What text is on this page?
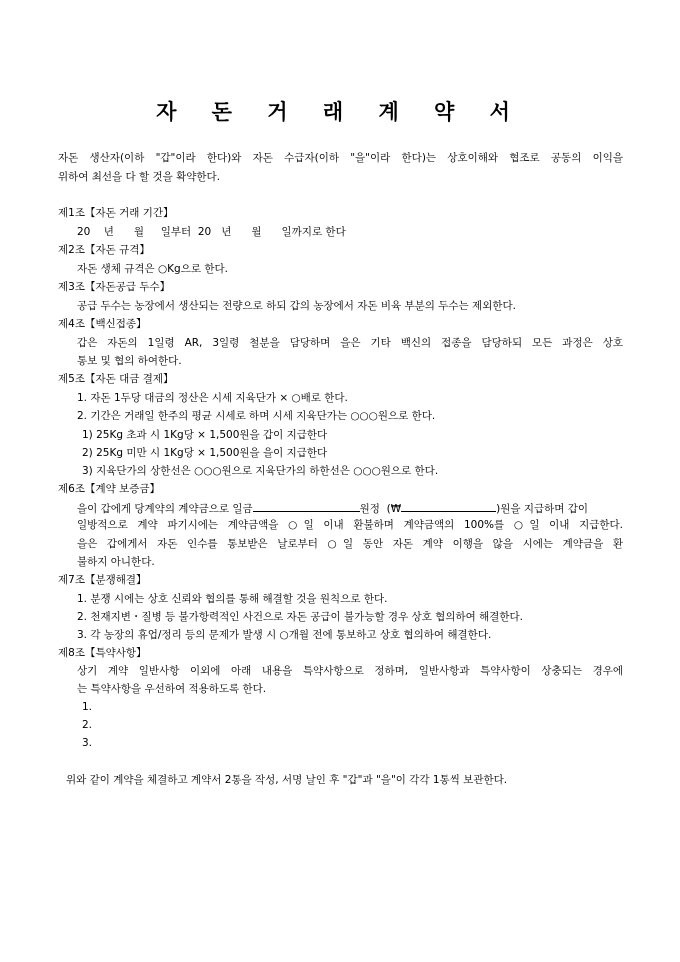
자 돈 거 래 계 약 서
자돈 생산자(이하 "갑"이라 한다)와 자돈 수급자(이하 "을"이라 한다)는 상호이해와 협조로 공동의 이익을
위하여 최선을 다 할 것을 확약한다.
제1조【자돈 거래 기간】
20    년      월     일부터  20   년      월      일까지로 한다
제2조【자돈 규격】
자돈 생체 규격은 ○Kg으로 한다.
제3조【자돈공급 두수】
공급 두수는 농장에서 생산되는 전량으로 하되 갑의 농장에서 자돈 비육 부분의 두수는 제외한다.
제4조【백신접종】
갑은 자돈의 1일령 AR, 3일령 철분을 담당하며 을은 기타 백신의 접종을 담당하되 모든 과정은 상호
통보 및 협의 하여한다.
제5조【자돈 대금 결제】
1. 자돈 1두당 대금의 정산은 시세 지육단가 × ○배로 한다.
2. 기간은 거래일 한주의 평균 시세로 하며 시세 지육단가는 ○○○원으로 한다.
1) 25Kg 초과 시 1Kg당 × 1,500원을 갑이 지급한다
2) 25Kg 미만 시 1Kg당 × 1,500원을 을이 지급한다
3) 지육단가의 상한선은 ○○○원으로 지육단가의 하한선은 ○○○원으로 한다.
제6조【계약 보증금】
을이 갑에게 당계약의 계약금으로 일금	원정  (₩	)원을 지급하며 갑이
일방적으로 계약 파기시에는 계약금액을 ○일 이내 환불하며 계약금액의 100%를 ○일 이내 지급한다.
을은 갑에게서 자돈 인수를 통보받은 날로부터 ○일 동안 자돈 계약 이행을 않을 시에는 계약금을 환
불하지 아니한다.
제7조【분쟁해결】
1. 분쟁 시에는 상호 신뢰와 협의를 통해 해결할 것을 원칙으로 한다.
2. 천재지변・질병 등 불가항력적인 사건으로 자돈 공급이 불가능할 경우 상호 협의하여 해결한다.
3. 각 농장의 휴업/정리 등의 문제가 발생 시 ○개월 전에 통보하고 상호 협의하여 해결한다.
제8조【특약사항】
상기 계약 일반사항 이외에 아래 내용을 특약사항으로 정하며, 일반사항과 특약사항이 상충되는 경우에
는 특약사항을 우선하여 적용하도록 한다.
1.
2.
3.
위와 같이 계약을 체결하고 계약서 2통을 작성, 서명 날인 후 "갑"과 "을"이 각각 1통씩 보관한다.
